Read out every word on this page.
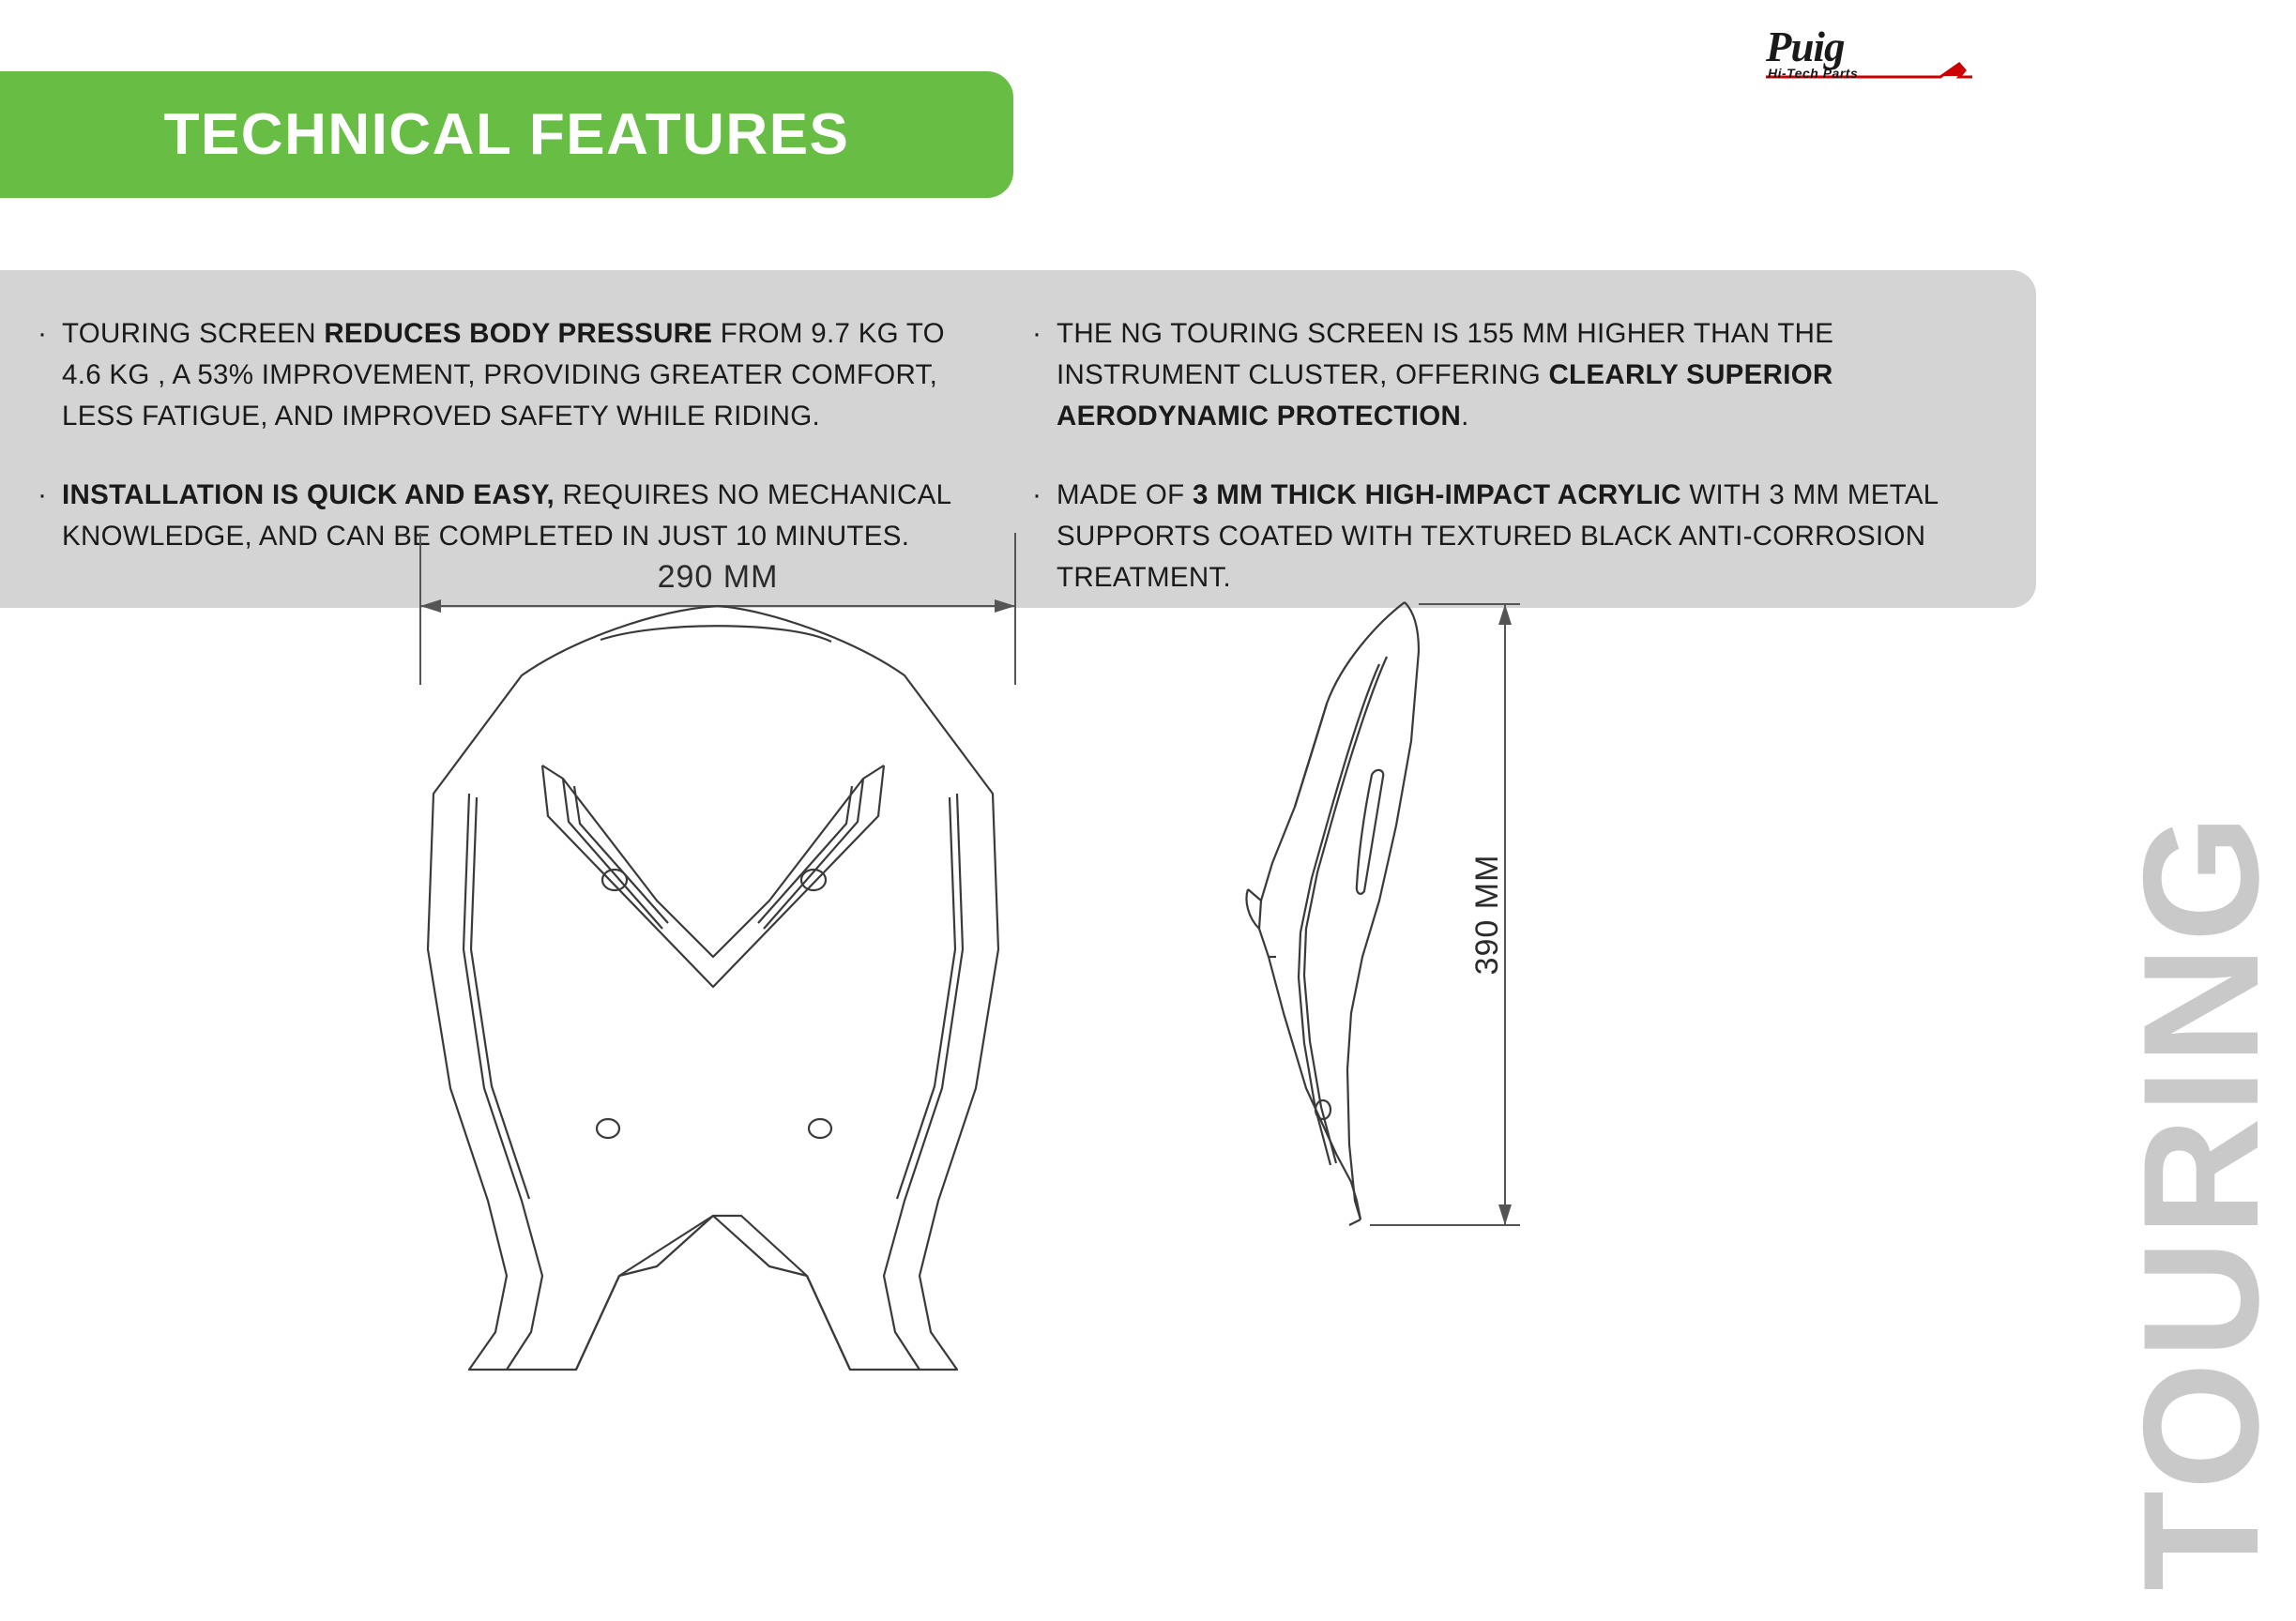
TECHNICAL FEATURES
Puig
Hi-Tech Parts
· TOURING SCREEN REDUCES BODY PRESSURE FROM 9.7 KG TO 4.6 KG , A 53% IMPROVEMENT, PROVIDING GREATER COMFORT, LESS FATIGUE, AND IMPROVED SAFETY WHILE RIDING.
· INSTALLATION IS QUICK AND EASY, REQUIRES NO MECHANICAL KNOWLEDGE, AND CAN BE COMPLETED IN JUST 10 MINUTES.
· THE NG TOURING SCREEN IS 155 MM HIGHER THAN THE INSTRUMENT CLUSTER, OFFERING CLEARLY SUPERIOR AERODYNAMIC PROTECTION.
· MADE OF 3 MM THICK HIGH-IMPACT ACRYLIC WITH 3 MM METAL SUPPORTS COATED WITH TEXTURED BLACK ANTI-CORROSION TREATMENT.
TOURING
290 MM
390 MM
